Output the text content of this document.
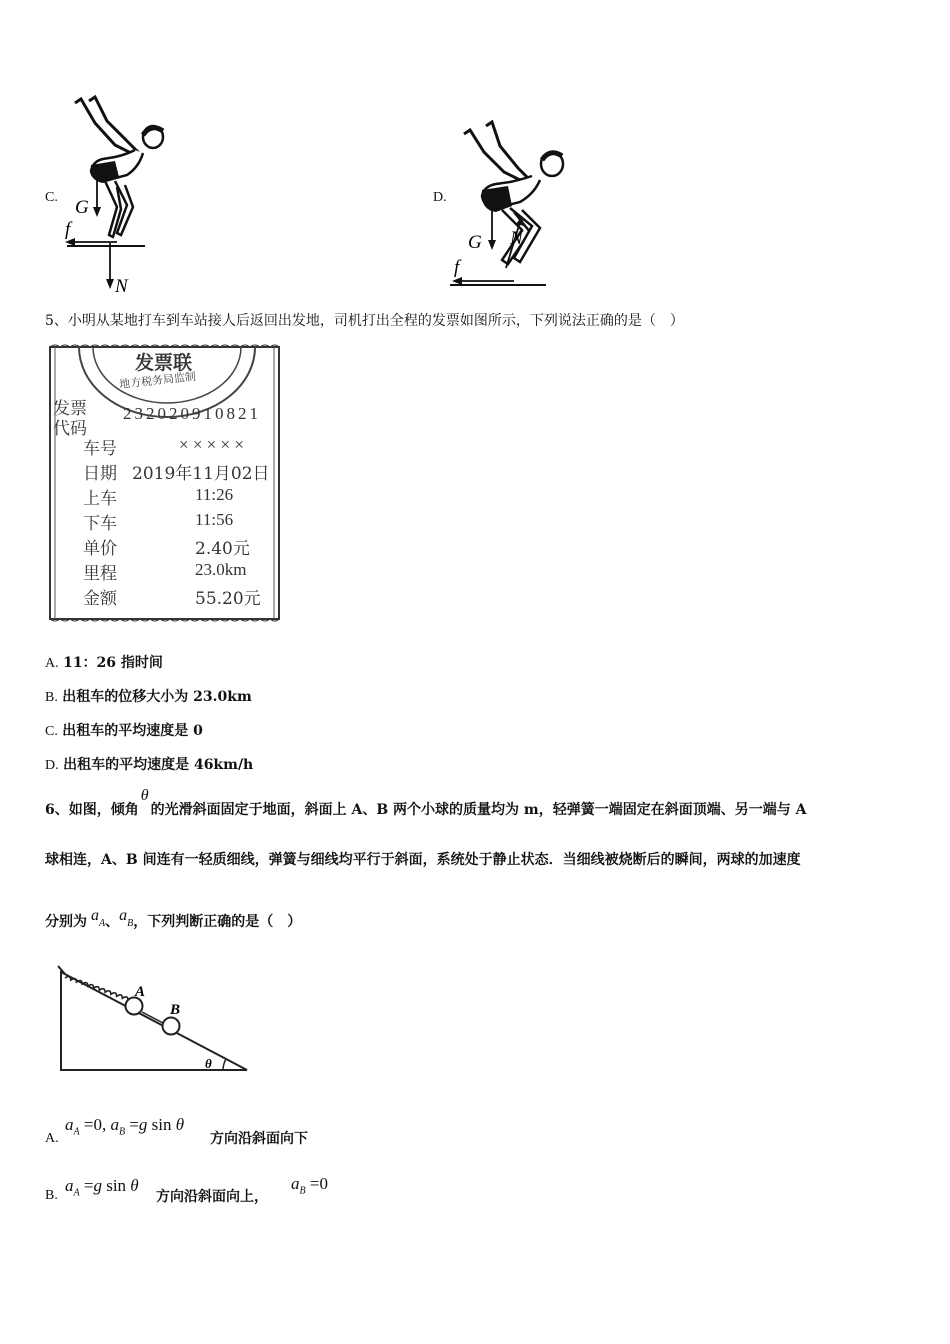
C. G
f
N
D.
G N
f
5、小明从某地打车到车站接人后返回出发地，司机打出全程的发票如图所示，下列说法正确的是（　）
发票联
地方税务局监制
发票
代码
232020910821
车号	× × × × ×
日期 2019年11月02日
上车	11:26
下车	11:56
单价	2.40元
里程	23.0km
金额	55.20元
A. 11：26 指时间
B. 出租车的位移大小为 23.0km
C. 出租车的平均速度是 0
D. 出租车的平均速度是 46km/h
6、如图，倾角θ的光滑斜面固定于地面，斜面上 A、B 两个小球的质量均为 m，轻弹簧一端固定在斜面顶端、另一端与 A
球相连，A、B 间连有一轻质细线，弹簧与细线均平行于斜面，系统处于静止状态．当细线被烧断后的瞬间，两球的加速度
分别为 $a_A$、$a_B$，下列判断正确的是（　）
A
B
θ
A.
$a_A =0$, $a_B =g$ sin θ
方向沿斜面向下
B.
$a_A =g$ sin θ
方向沿斜面向上，
$a_B =0$
